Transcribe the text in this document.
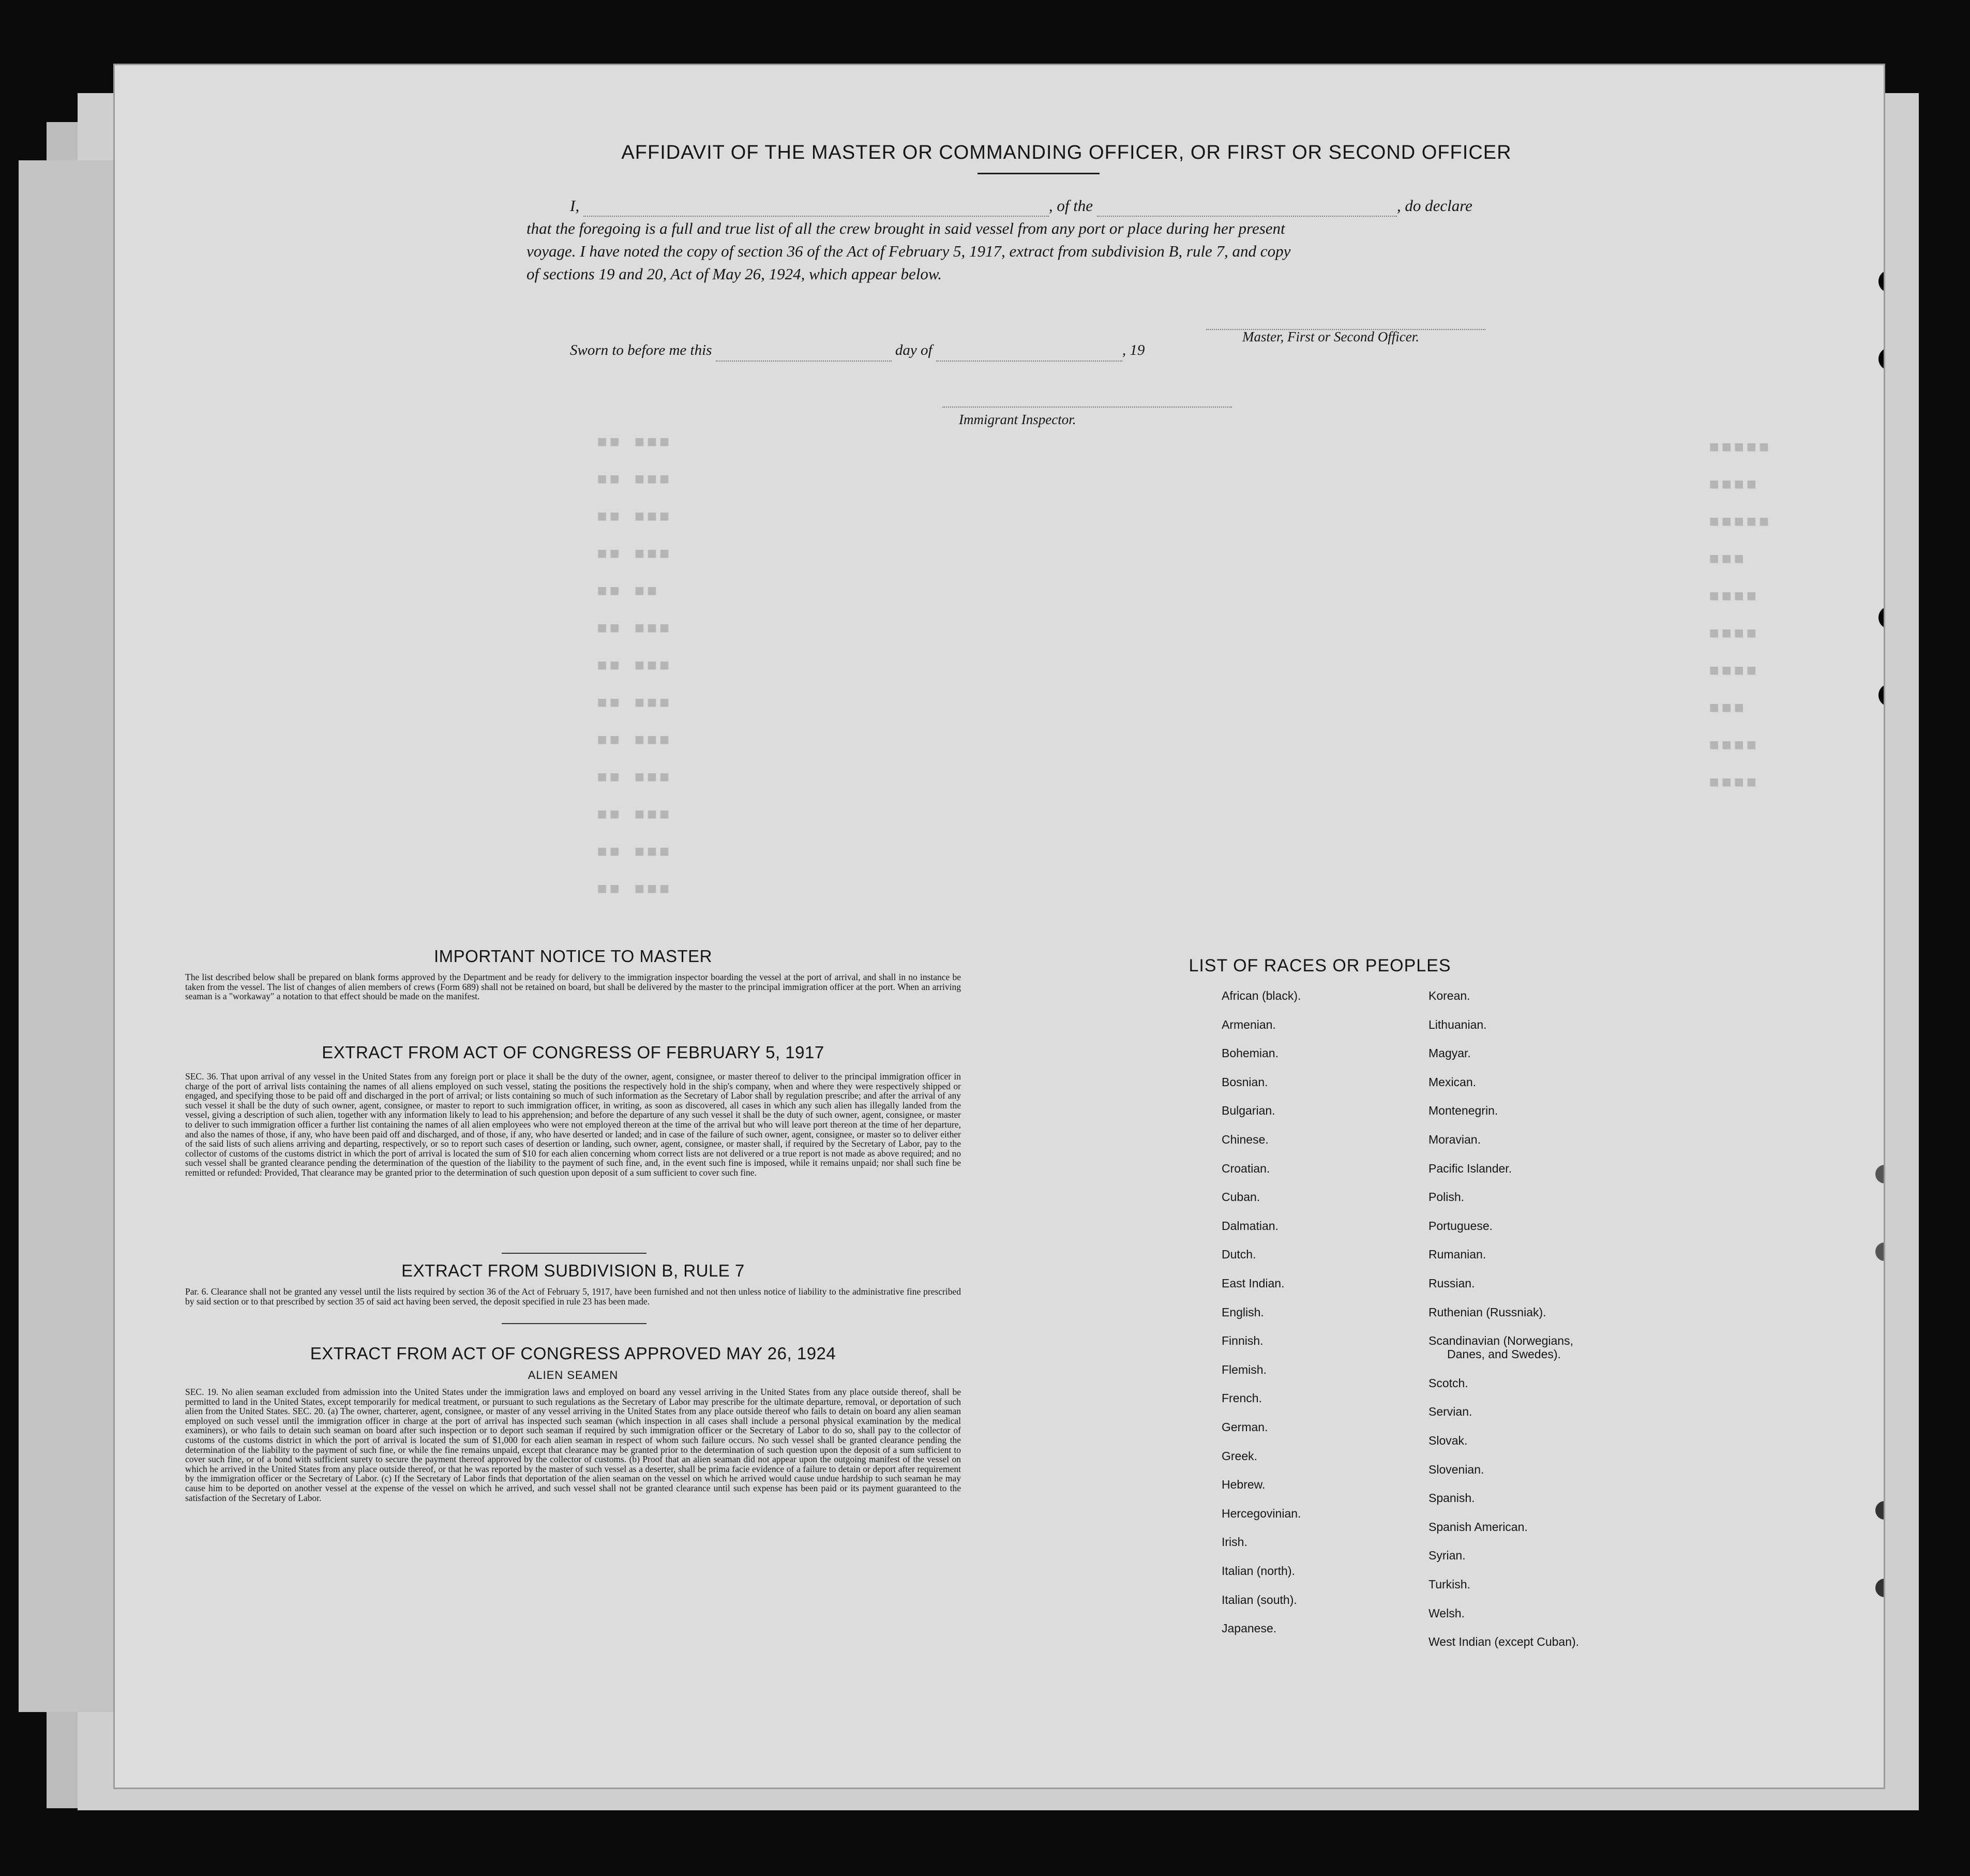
▪▪▪▪▪
▪▪▪▪
▪▪▪▪▪
▪▪▪
▪▪▪▪
▪▪▪▪
▪▪▪▪
▪▪▪
▪▪▪▪
▪▪▪▪
▪▪ ▪▪▪
▪▪ ▪▪▪
▪▪ ▪▪▪
▪▪ ▪▪▪
▪▪ ▪▪
▪▪ ▪▪▪
▪▪ ▪▪▪
▪▪ ▪▪▪
▪▪ ▪▪▪
▪▪ ▪▪▪
▪▪ ▪▪▪
▪▪ ▪▪▪
▪▪ ▪▪▪
AFFIDAVIT OF THE MASTER OR COMMANDING OFFICER, OR FIRST OR SECOND OFFICER
I,	, of the	, do declare
that the foregoing is a full and true list of all the crew brought in said vessel from any port or place during her present
voyage. I have noted the copy of section 36 of the Act of February 5, 1917, extract from subdivision B, rule 7, and copy
of sections 19 and 20, Act of May 26, 1924, which appear below.
Master, First or Second Officer.
Sworn to before me this	day of	, 19
Immigrant Inspector.
IMPORTANT NOTICE TO MASTER
The list described below shall be prepared on blank forms approved by the Department and be ready for delivery to the immigration inspector boarding the vessel at the port of arrival, and shall in no instance be taken from the vessel. The list of changes of alien members of crews (Form 689) shall not be retained on board, but shall be delivered by the master to the principal immigration officer at the port. When an arriving seaman is a "workaway" a notation to that effect should be made on the manifest.
EXTRACT FROM ACT OF CONGRESS OF FEBRUARY 5, 1917
SEC. 36. That upon arrival of any vessel in the United States from any foreign port or place it shall be the duty of the owner, agent, consignee, or master thereof to deliver to the principal immigration officer in charge of the port of arrival lists containing the names of all aliens employed on such vessel, stating the positions the respectively hold in the ship's company, when and where they were respectively shipped or engaged, and specifying those to be paid off and discharged in the port of arrival; or lists containing so much of such information as the Secretary of Labor shall by regulation prescribe; and after the arrival of any such vessel it shall be the duty of such owner, agent, consignee, or master to report to such immigration officer, in writing, as soon as discovered, all cases in which any such alien has illegally landed from the vessel, giving a description of such alien, together with any information likely to lead to his apprehension; and before the departure of any such vessel it shall be the duty of such owner, agent, consignee, or master to deliver to such immigration officer a further list containing the names of all alien employees who were not employed thereon at the time of the arrival but who will leave port thereon at the time of her departure, and also the names of those, if any, who have been paid off and discharged, and of those, if any, who have deserted or landed; and in case of the failure of such owner, agent, consignee, or master so to deliver either of the said lists of such aliens arriving and departing, respectively, or so to report such cases of desertion or landing, such owner, agent, consignee, or master shall, if required by the Secretary of Labor, pay to the collector of customs of the customs district in which the port of arrival is located the sum of $10 for each alien concerning whom correct lists are not delivered or a true report is not made as above required; and no such vessel shall be granted clearance pending the determination of the question of the liability to the payment of such fine, and, in the event such fine is imposed, while it remains unpaid; nor shall such fine be remitted or refunded: Provided, That clearance may be granted prior to the determination of such question upon deposit of a sum sufficient to cover such fine.
EXTRACT FROM SUBDIVISION B, RULE 7
Par. 6. Clearance shall not be granted any vessel until the lists required by section 36 of the Act of February 5, 1917, have been furnished and not then unless notice of liability to the administrative fine prescribed by said section or to that prescribed by section 35 of said act having been served, the deposit specified in rule 23 has been made.
EXTRACT FROM ACT OF CONGRESS APPROVED MAY 26, 1924
ALIEN SEAMEN
SEC. 19. No alien seaman excluded from admission into the United States under the immigration laws and employed on board any vessel arriving in the United States from any place outside thereof, shall be permitted to land in the United States, except temporarily for medical treatment, or pursuant to such regulations as the Secretary of Labor may prescribe for the ultimate departure, removal, or deportation of such alien from the United States. SEC. 20. (a) The owner, charterer, agent, consignee, or master of any vessel arriving in the United States from any place outside thereof who fails to detain on board any alien seaman employed on such vessel until the immigration officer in charge at the port of arrival has inspected such seaman (which inspection in all cases shall include a personal physical examination by the medical examiners), or who fails to detain such seaman on board after such inspection or to deport such seaman if required by such immigration officer or the Secretary of Labor to do so, shall pay to the collector of customs of the customs district in which the port of arrival is located the sum of $1,000 for each alien seaman in respect of whom such failure occurs. No such vessel shall be granted clearance pending the determination of the liability to the payment of such fine, or while the fine remains unpaid, except that clearance may be granted prior to the determination of such question upon the deposit of a sum sufficient to cover such fine, or of a bond with sufficient surety to secure the payment thereof approved by the collector of customs. (b) Proof that an alien seaman did not appear upon the outgoing manifest of the vessel on which he arrived in the United States from any place outside thereof, or that he was reported by the master of such vessel as a deserter, shall be prima facie evidence of a failure to detain or deport after requirement by the immigration officer or the Secretary of Labor. (c) If the Secretary of Labor finds that deportation of the alien seaman on the vessel on which he arrived would cause undue hardship to such seaman he may cause him to be deported on another vessel at the expense of the vessel on which he arrived, and such vessel shall not be granted clearance until such expense has been paid or its payment guaranteed to the satisfaction of the Secretary of Labor.
LIST OF RACES OR PEOPLES
African (black).
Armenian.
Bohemian.
Bosnian.
Bulgarian.
Chinese.
Croatian.
Cuban.
Dalmatian.
Dutch.
East Indian.
English.
Finnish.
Flemish.
French.
German.
Greek.
Hebrew.
Hercegovinian.
Irish.
Italian (north).
Italian (south).
Japanese.
Korean.
Lithuanian.
Magyar.
Mexican.
Montenegrin.
Moravian.
Pacific Islander.
Polish.
Portuguese.
Rumanian.
Russian.
Ruthenian (Russniak).
Scandinavian (Norwegians,
Danes, and Swedes).
Scotch.
Servian.
Slovak.
Slovenian.
Spanish.
Spanish American.
Syrian.
Turkish.
Welsh.
West Indian (except Cuban).
